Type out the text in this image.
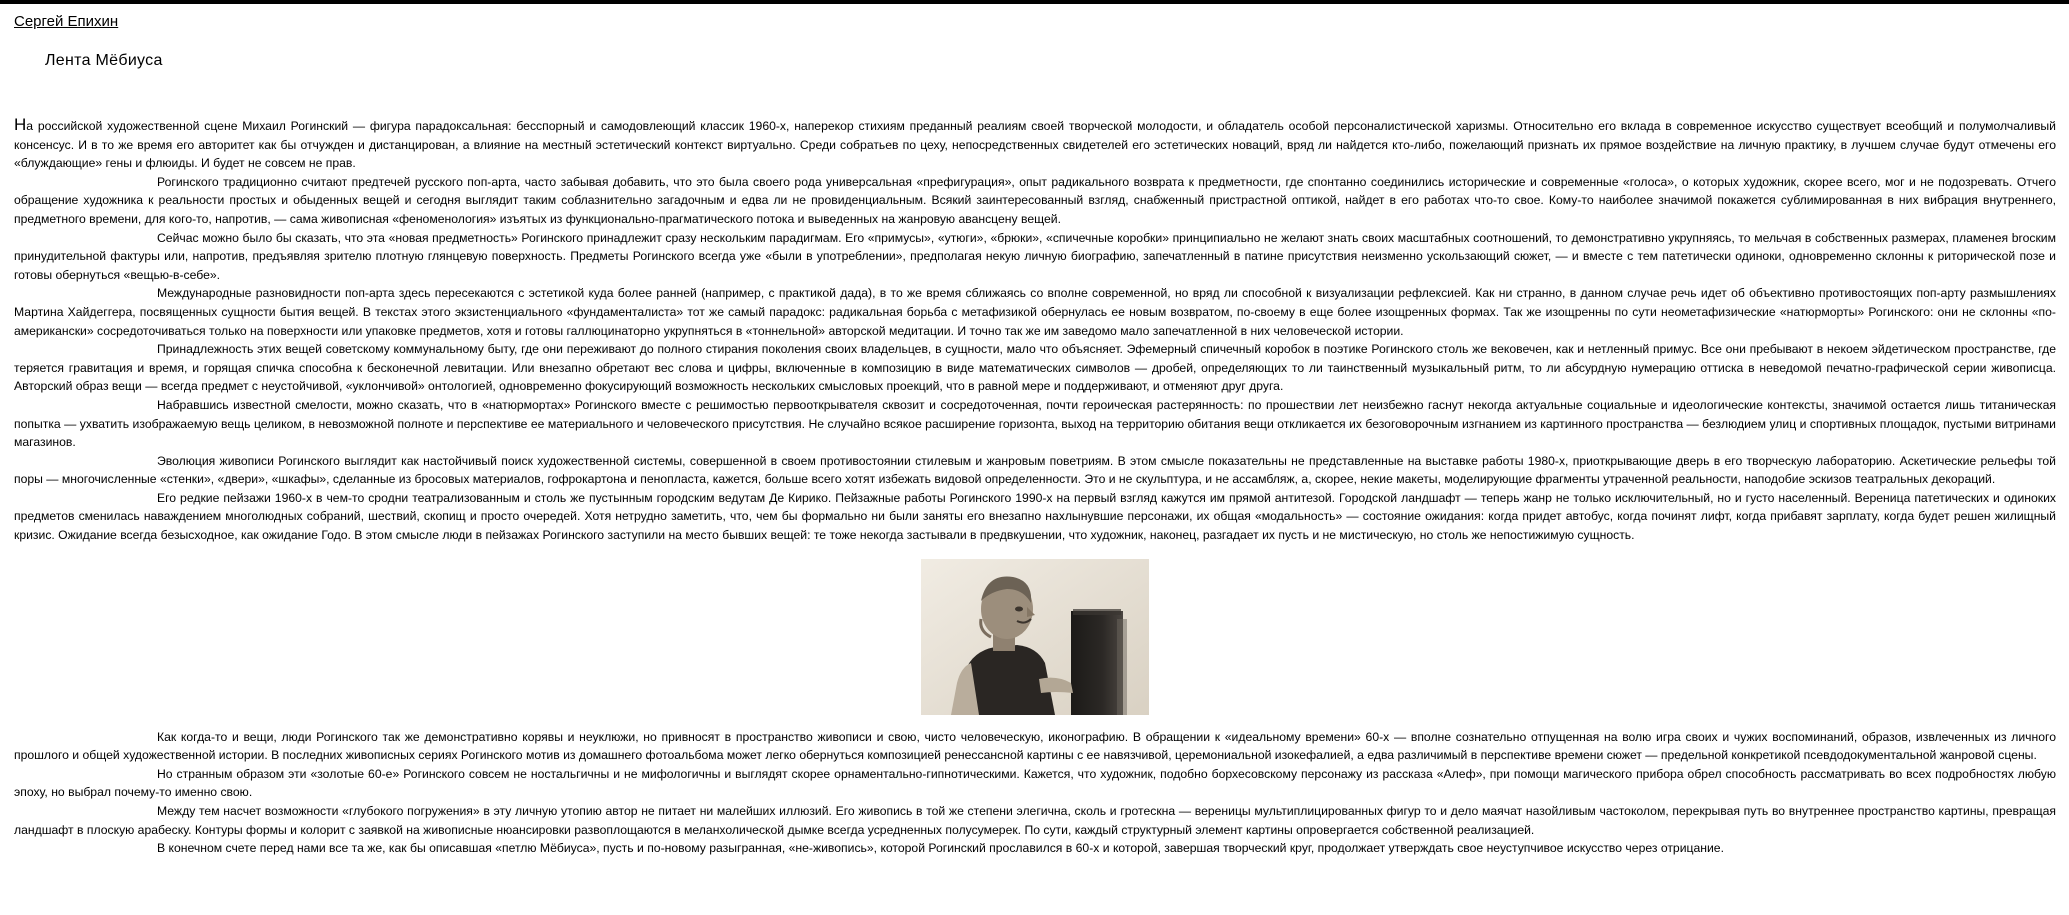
Сергей Епихин
Лента Мёбиуса

На российской художественной сцене Михаил Рогинский — фигура парадоксальная: бесспорный и самодовлеющий классик 1960-х, наперекор стихиям преданный реалиям своей творческой молодости, и обладатель особой персоналистической харизмы. Относительно его вклада в современное искусство существует всеобщий и полумолчаливый консенсус. И в то же время его авторитет как бы отчужден и дистанцирован, а влияние на местный эстетический контекст виртуально. Среди собратьев по цеху, непосредственных свидетелей его эстетических новаций, вряд ли найдется кто-либо, пожелающий признать их прямое воздействие на личную практику, в лучшем случае будут отмечены его «блуждающие» гены и флюиды. И будет не совсем не прав.

Рогинского традиционно считают предтечей русского поп-арта, часто забывая добавить, что это была своего рода универсальная «префигурация», опыт радикального возврата к предметности, где спонтанно соединились исторические и современные «голоса», о которых художник, скорее всего, мог и не подозревать. Отчего обращение художника к реальности простых и обыденных вещей и сегодня выглядит таким соблазнительно загадочным и едва ли не провиденциальным. Всякий заинтересованный взгляд, снабженный пристрастной оптикой, найдет в его работах что-то свое. Кому-то наиболее значимой покажется сублимированная в них вибрация внутреннего, предметного времени, для кого-то, напротив, — сама живописная «феноменология» изъятых из функционально-прагматического потока и выведенных на жанровую авансцену вещей.

Сейчас можно было бы сказать, что эта «новая предметность» Рогинского принадлежит сразу нескольким парадигмам. Его «примусы», «утюги», «брюки», «спичечные коробки» принципиально не желают знать своих масштабных соотношений, то демонстративно укрупняясь, то мельчая в собственных размерах, пламенея brоским принудительной фактуры или, напротив, предъявляя зрителю плотную глянцевую поверхность. Предметы Рогинского всегда уже «были в употреблении», предполагая некую личную биографию, запечатленный в патине присутствия неизменно ускользающий сюжет, — и вместе с тем патетически одиноки, одновременно склонны к риторической позе и готовы обернуться «вещью-в-себе».

Международные разновидности поп-арта здесь пересекаются с эстетикой куда более ранней (например, с практикой дада), в то же время сближаясь со вполне современной, но вряд ли способной к визуализации рефлексией. Как ни странно, в данном случае речь идет об объективно противостоящих поп-арту размышлениях Мартина Хайдеггера, посвященных сущности бытия вещей. В текстах этого экзистенциального «фундаменталиста» тот же самый парадокс: радикальная борьба с метафизикой обернулась ее новым возвратом, по-своему в еще более изощренных формах. Так же изощренны по сути неометафизические «натюрморты» Рогинского: они не склонны «по-американски» сосредоточиваться только на поверхности или упаковке предметов, хотя и готовы галлюцинаторно укрупняться в «тоннельной» авторской медитации. И точно так же им заведомо мало запечатленной в них человеческой истории.

Принадлежность этих вещей советскому коммунальному быту, где они переживают до полного стирания поколения своих владельцев, в сущности, мало что объясняет. Эфемерный спичечный коробок в поэтике Рогинского столь же вековечен, как и нетленный примус. Все они пребывают в некоем эйдетическом пространстве, где теряется гравитация и время, и горящая спичка способна к бесконечной левитации. Или внезапно обретают вес слова и цифры, включенные в композицию в виде математических символов — дробей, определяющих то ли таинственный музыкальный ритм, то ли абсурдную нумерацию оттиска в неведомой печатно-графической серии живописца. Авторский образ вещи — всегда предмет с неустойчивой, «уклончивой» онтологией, одновременно фокусирующий возможность нескольких смысловых проекций, что в равной мере и поддерживают, и отменяют друг друга.

Набравшись известной смелости, можно сказать, что в «натюрмортах» Рогинского вместе с решимостью первооткрывателя сквозит и сосредоточенная, почти героическая растерянность: по прошествии лет неизбежно гаснут некогда актуальные социальные и идеологические контексты, значимой остается лишь титаническая попытка — ухватить изображаемую вещь целиком, в невозможной полноте и перспективе ее материального и человеческого присутствия. Не случайно всякое расширение горизонта, выход на территорию обитания вещи откликается их безоговорочным изгнанием из картинного пространства — безлюдием улиц и спортивных площадок, пустыми витринами магазинов.

Эволюция живописи Рогинского выглядит как настойчивый поиск художественной системы, совершенной в своем противостоянии стилевым и жанровым поветриям. В этом смысле показательны не представленные на выставке работы 1980-х, приоткрывающие дверь в его творческую лабораторию. Аскетические рельефы той поры — многочисленные «стенки», «двери», «шкафы», сделанные из бросовых материалов, гофрокартона и пенопласта, кажется, больше всего хотят избежать видовой определенности. Это и не скульптура, и не ассамбляж, а, скорее, некие макеты, моделирующие фрагменты утраченной реальности, наподобие эскизов театральных декораций.

Его редкие пейзажи 1960-х в чем-то сродни театрализованным и столь же пустынным городским ведутам Де Кирико. Пейзажные работы Рогинского 1990-х на первый взгляд кажутся им прямой антитезой. Городской ландшафт — теперь жанр не только исключительный, но и густо населенный. Вереница патетических и одиноких предметов сменилась наваждением многолюдных собраний, шествий, скопищ и просто очередей. Хотя нетрудно заметить, что, чем бы формально ни были заняты его внезапно нахлынувшие персонажи, их общая «модальность» — состояние ожидания: когда придет автобус, когда починят лифт, когда прибавят зарплату, когда будет решен жилищный кризис. Ожидание всегда безысходное, как ожидание Годо. В этом смысле люди в пейзажах Рогинского заступили на место бывших вещей: те тоже некогда застывали в предвкушении, что художник, наконец, разгадает их пусть и не мистическую, но столь же непостижимую сущность.

Как когда-то и вещи, люди Рогинского так же демонстративно корявы и неуклюжи, но привносят в пространство живописи и свою, чисто человеческую, иконографию. В обращении к «идеальному времени» 60-х — вполне сознательно отпущенная на волю игра своих и чужих воспоминаний, образов, извлеченных из личного прошлого и общей художественной истории. В последних живописных сериях Рогинского мотив из домашнего фотоальбома может легко обернуться композицией ренессансной картины с ее навязчивой, церемониальной изокефалией, а едва различимый в перспективе времени сюжет — предельной конкретикой псевдодокументальной жанровой сцены.

Но странным образом эти «золотые 60-е» Рогинского совсем не ностальгичны и не мифологичны и выглядят скорее орнаментально-гипнотическими. Кажется, что художник, подобно борхесовскому персонажу из рассказа «Алеф», при помощи магического прибора обрел способность рассматривать во всех подробностях любую эпоху, но выбрал почему-то именно свою.

Между тем насчет возможности «глубокого погружения» в эту личную утопию автор не питает ни малейших иллюзий. Его живопись в той же степени элегична, сколь и гротескна — вереницы мультиплицированных фигур то и дело маячат назойливым частоколом, перекрывая путь во внутреннее пространство картины, превращая ландшафт в плоскую арабеску. Контуры формы и колорит с заявкой на живописные нюансировки развоплощаются в меланхолической дымке всегда усредненных полусумерек. По сути, каждый структурный элемент картины опровергается собственной реализацией.

В конечном счете перед нами все та же, как бы описавшая «петлю Мёбиуса», пусть и по-новому разыгранная, «не-живопись», которой Рогинский прославился в 60-х и которой, завершая творческий круг, продолжает утверждать свое неуступчивое искусство через отрицание.
